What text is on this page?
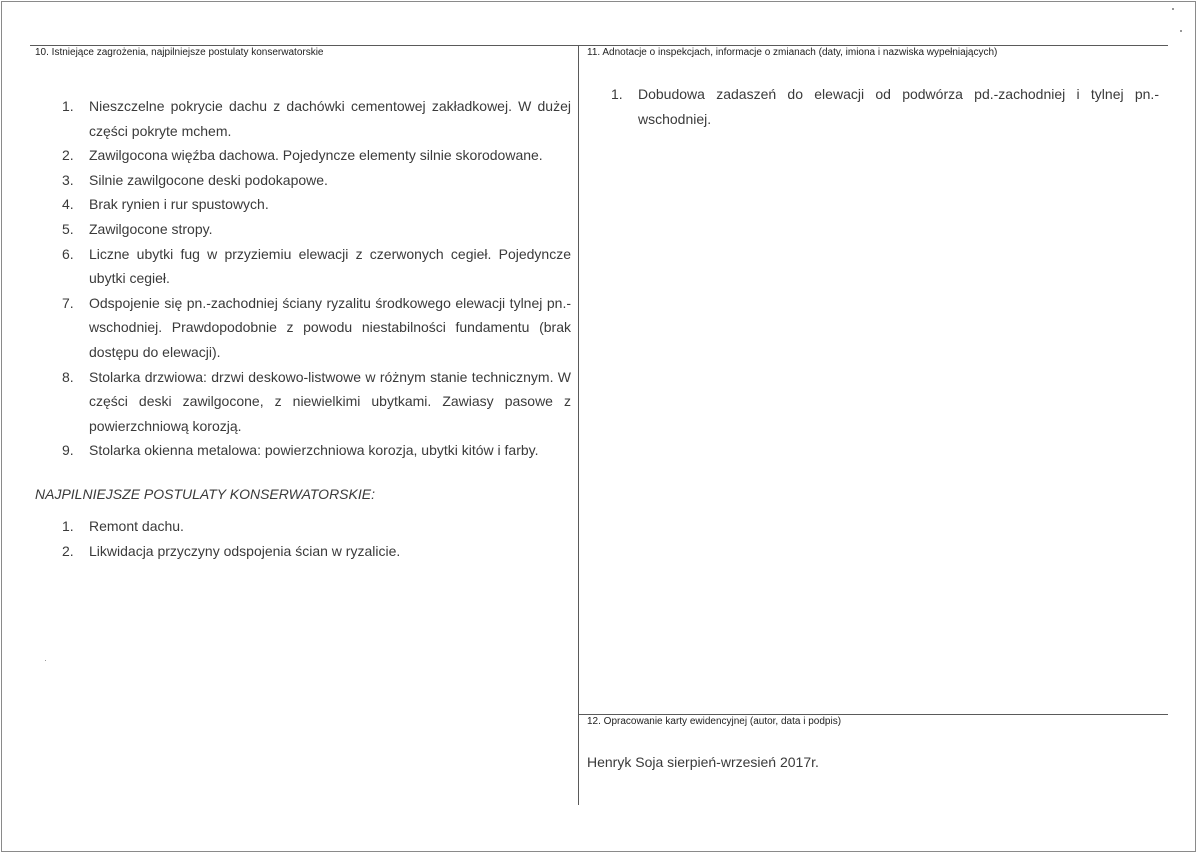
10. Istniejące zagrożenia, najpilniejsze postulaty konserwatorskie
1. Nieszczelne pokrycie dachu z dachówki cementowej zakładkowej. W dużej części pokryte mchem.
2. Zawilgocona więźba dachowa. Pojedyncze elementy silnie skorodowane.
3. Silnie zawilgocone deski podokapowe.
4. Brak rynien i rur spustowych.
5. Zawilgocone stropy.
6. Liczne ubytki fug w przyziemiu elewacji z czerwonych cegieł. Pojedyncze ubytki cegieł.
7. Odspojenie się pn.-zachodniej ściany ryzalitu środkowego elewacji tylnej pn.-wschodniej. Prawdopodobnie z powodu niestabilności fundamentu (brak dostępu do elewacji).
8. Stolarka drzwiowa: drzwi deskowo-listwowe w różnym stanie technicznym. W części deski zawilgocone, z niewielkimi ubytkami. Zawiasy pasowe z powierzchniową korozją.
9. Stolarka okienna metalowa: powierzchniowa korozja, ubytki kitów i farby.
NAJPILNIEJSZE POSTULATY KONSERWATORSKIE:
1. Remont dachu.
2. Likwidacja przyczyny odspojenia ścian w ryzalicie.
11. Adnotacje o inspekcjach, informacje o zmianach (daty, imiona i nazwiska wypełniających)
1. Dobudowa zadaszeń do elewacji od podwórza pd.-zachodniej i tylnej pn.-wschodniej.
12. Opracowanie karty ewidencyjnej (autor, data i podpis)
Henryk Soja sierpień-wrzesień 2017r.
